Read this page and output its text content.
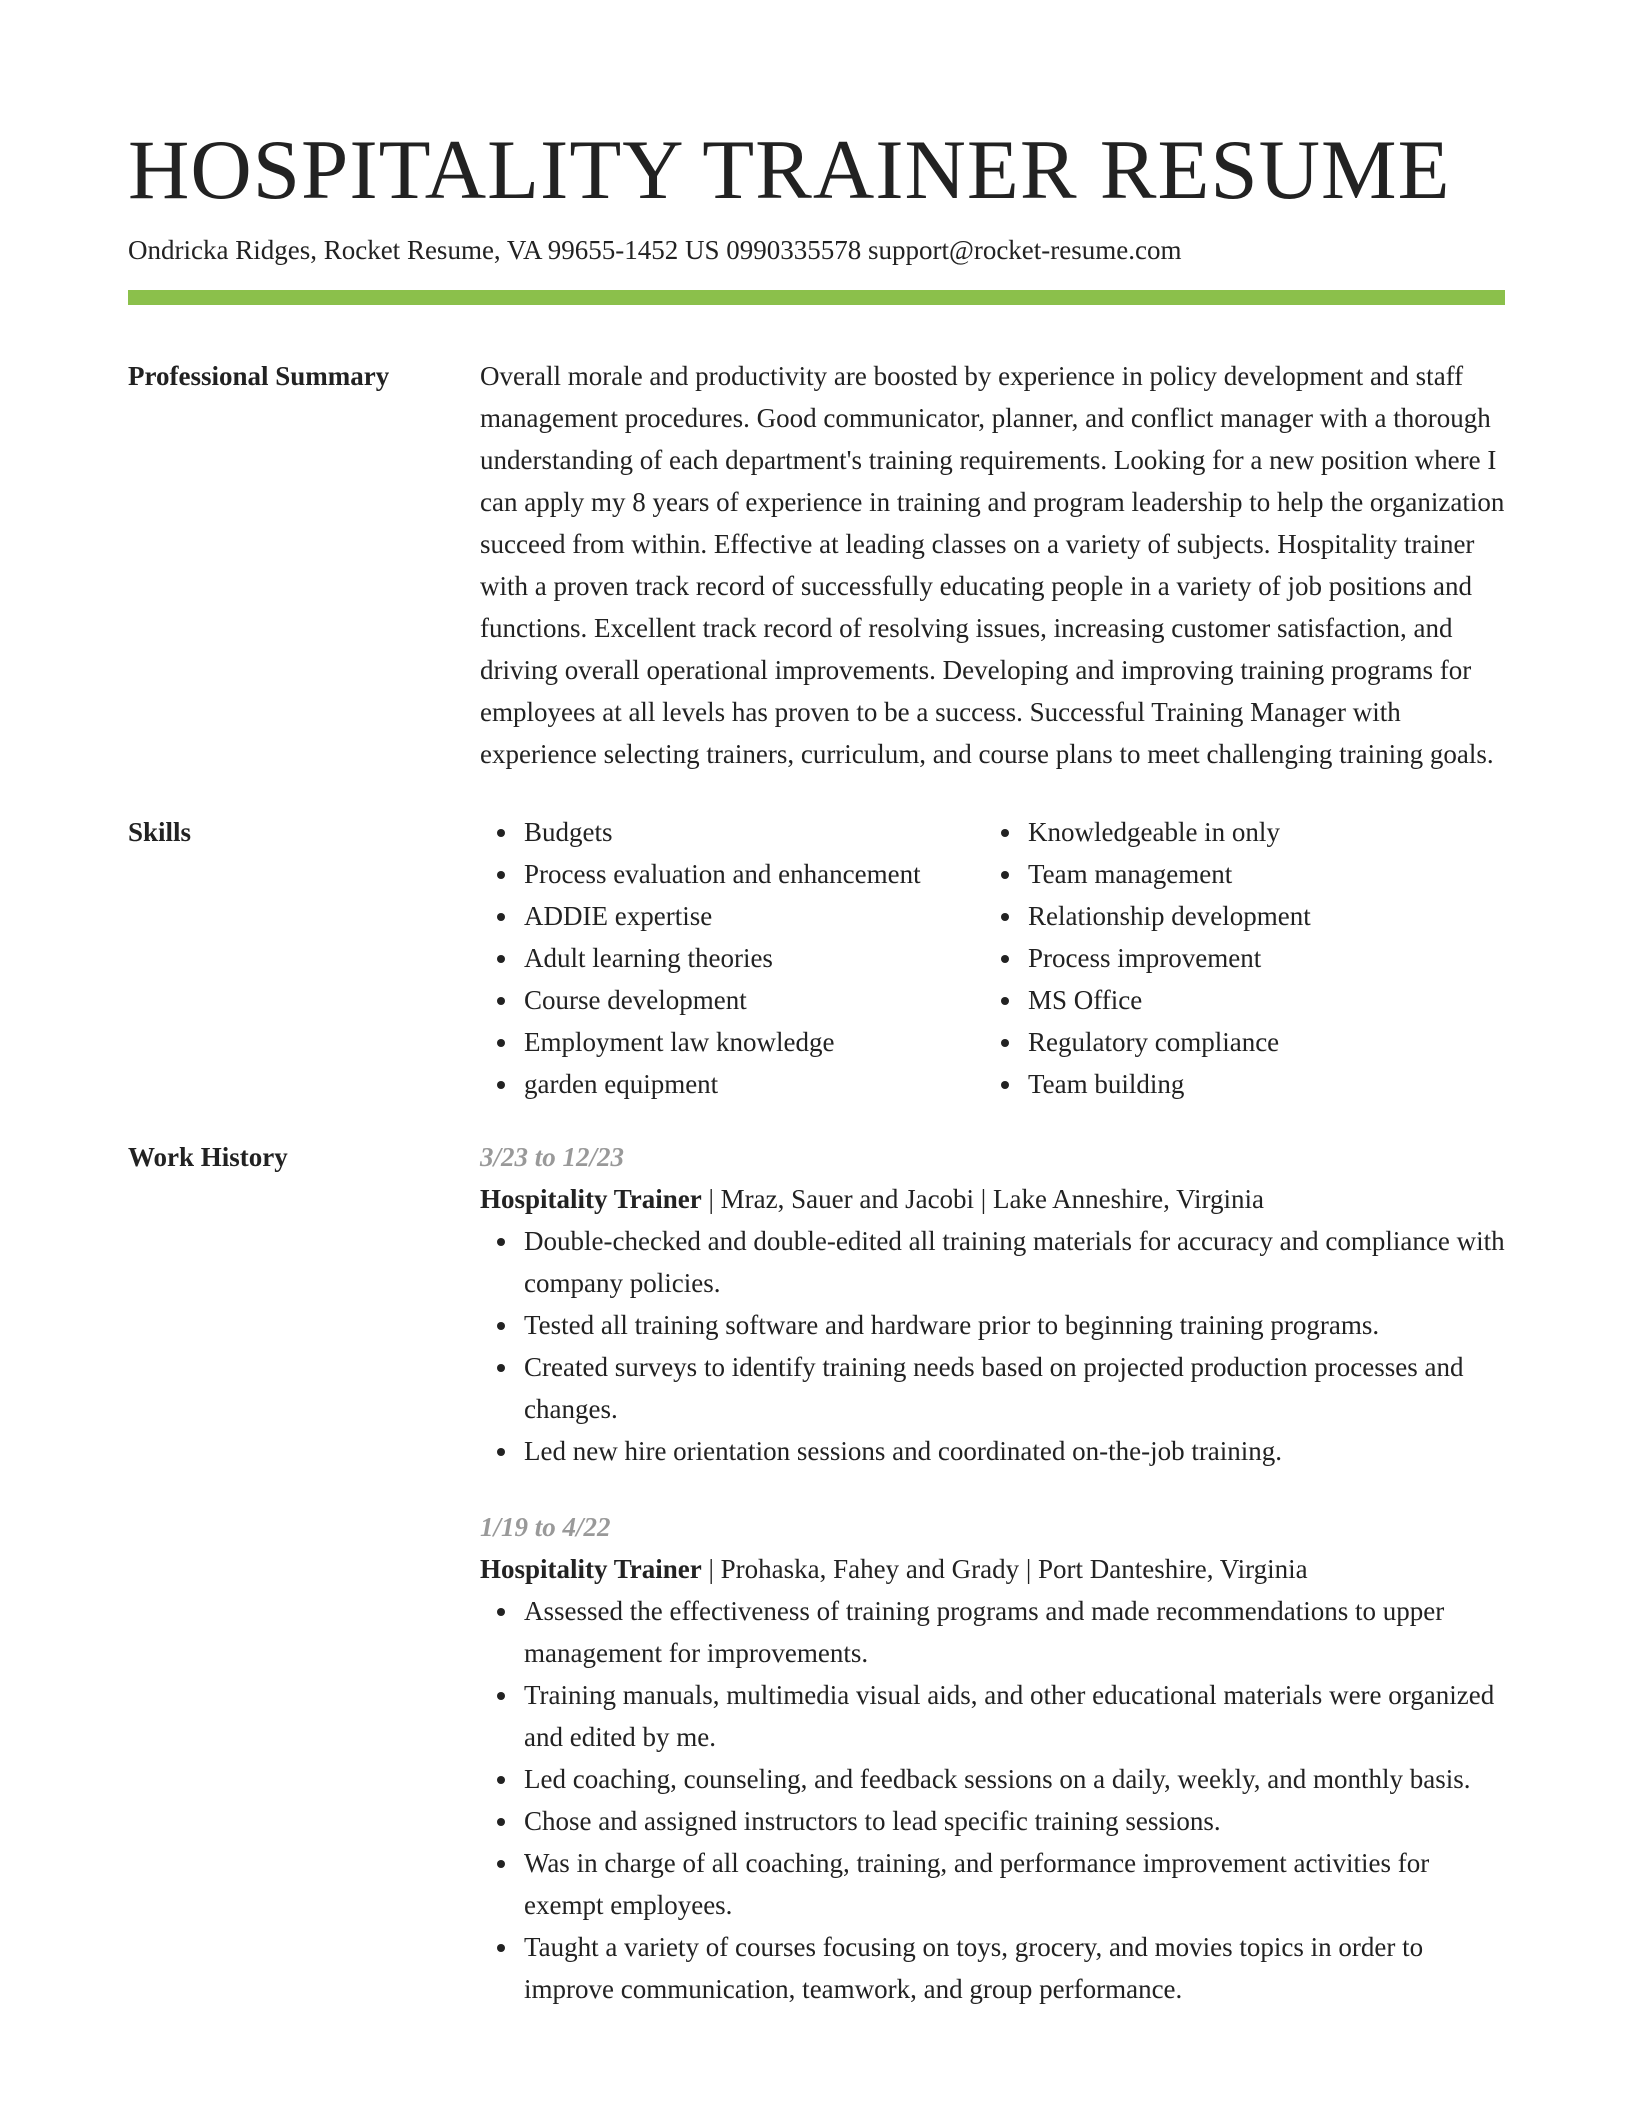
HOSPITALITY TRAINER RESUME
Ondricka Ridges, Rocket Resume, VA 99655-1452 US 0990335578 support@rocket-resume.com
Professional Summary	Overall morale and productivity are boosted by experience in policy development and staff management procedures. Good communicator, planner, and conflict manager with a thorough understanding of each department's training requirements. Looking for a new position where I can apply my 8 years of experience in training and program leadership to help the organization succeed from within. Effective at leading classes on a variety of subjects. Hospitality trainer with a proven track record of successfully educating people in a variety of job positions and functions. Excellent track record of resolving issues, increasing customer satisfaction, and driving overall operational improvements. Developing and improving training programs for employees at all levels has proven to be a success. Successful Training Manager with experience selecting trainers, curriculum, and course plans to meet challenging training goals.
Skills	Budgets
Process evaluation and enhancement
ADDIE expertise
Adult learning theories
Course development
Employment law knowledge
garden equipment
Knowledgeable in only
Team management
Relationship development
Process improvement
MS Office
Regulatory compliance
Team building
Work History	3/23 to 12/23
Hospitality Trainer | Mraz, Sauer and Jacobi | Lake Anneshire, Virginia
Double-checked and double-edited all training materials for accuracy and compliance with company policies.
Tested all training software and hardware prior to beginning training programs.
Created surveys to identify training needs based on projected production processes and changes.
Led new hire orientation sessions and coordinated on-the-job training.
1/19 to 4/22
Hospitality Trainer | Prohaska, Fahey and Grady | Port Danteshire, Virginia
Assessed the effectiveness of training programs and made recommendations to upper management for improvements.
Training manuals, multimedia visual aids, and other educational materials were organized and edited by me.
Led coaching, counseling, and feedback sessions on a daily, weekly, and monthly basis.
Chose and assigned instructors to lead specific training sessions.
Was in charge of all coaching, training, and performance improvement activities for exempt employees.
Taught a variety of courses focusing on toys, grocery, and movies topics in order to improve communication, teamwork, and group performance.
